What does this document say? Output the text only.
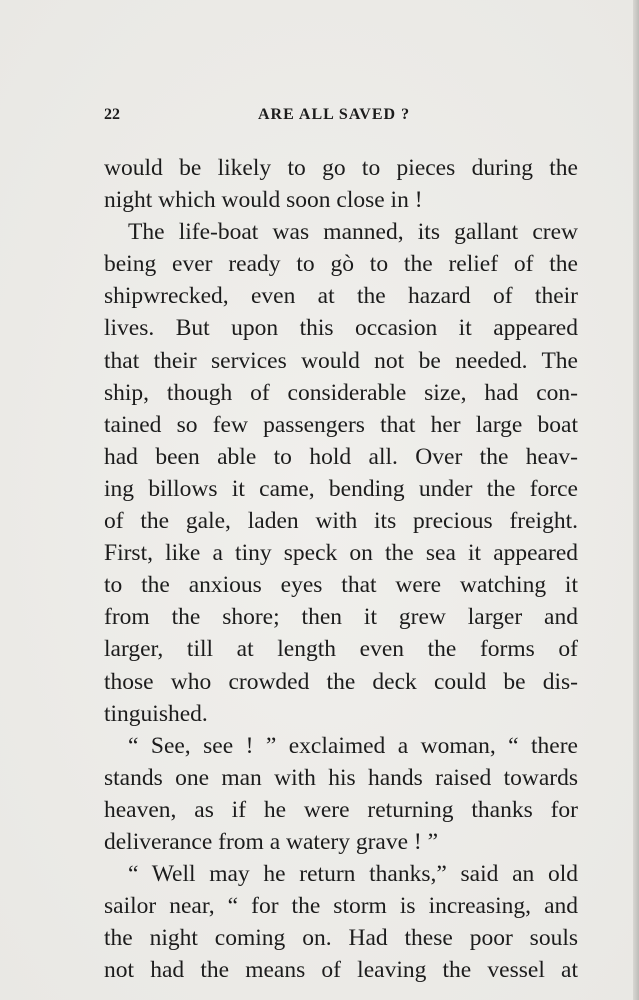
22	ARE ALL SAVED ?
would be likely to go to pieces during the
night which would soon close in !
The life-boat was manned, its gallant crew
being ever ready to gò to the relief of the
shipwrecked, even at the hazard of their
lives. But upon this occasion it appeared
that their services would not be needed. The
ship, though of considerable size, had con-
tained so few passengers that her large boat
had been able to hold all. Over the heav-
ing billows it came, bending under the force
of the gale, laden with its precious freight.
First, like a tiny speck on the sea it appeared
to the anxious eyes that were watching it
from the shore; then it grew larger and
larger, till at length even the forms of
those who crowded the deck could be dis-
tinguished.
“ See, see ! ” exclaimed a woman, “ there
stands one man with his hands raised towards
heaven, as if he were returning thanks for
deliverance from a watery grave ! ”
“ Well may he return thanks,” said an old
sailor near, “ for the storm is increasing, and
the night coming on. Had these poor souls
not had the means of leaving the vessel at
